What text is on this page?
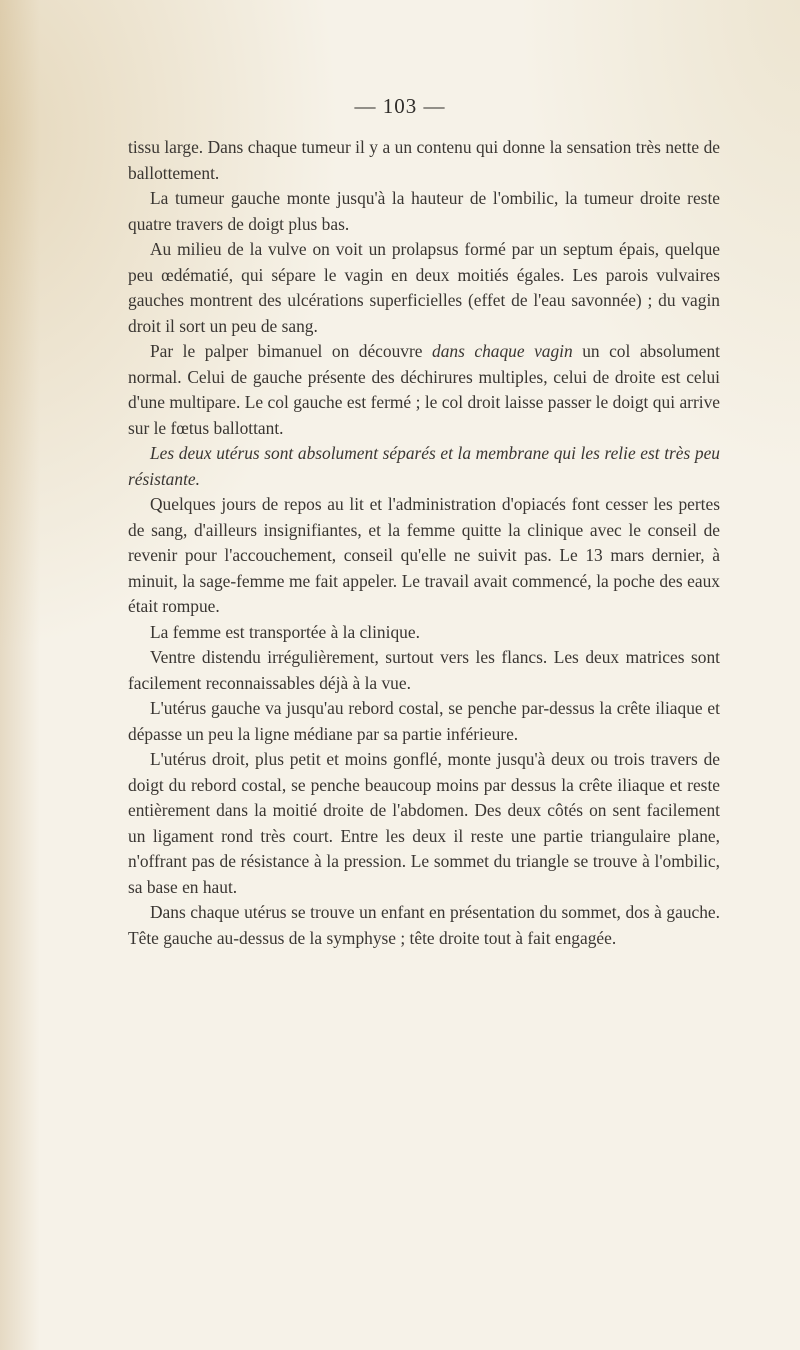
— 103 —

tissu large. Dans chaque tumeur il y a un contenu qui donne la sensation très nette de ballottement.

La tumeur gauche monte jusqu'à la hauteur de l'ombilic, la tumeur droite reste quatre travers de doigt plus bas.

Au milieu de la vulve on voit un prolapsus formé par un septum épais, quelque peu œdématié, qui sépare le vagin en deux moitiés égales. Les parois vulvaires gauches montrent des ulcérations superficielles (effet de l'eau savonnée) ; du vagin droit il sort un peu de sang.

Par le palper bimanuel on découvre dans chaque vagin un col absolument normal. Celui de gauche présente des déchirures multiples, celui de droite est celui d'une multipare. Le col gauche est fermé ; le col droit laisse passer le doigt qui arrive sur le fœtus ballottant.

Les deux utérus sont absolument séparés et la membrane qui les relie est très peu résistante.

Quelques jours de repos au lit et l'administration d'opiacés font cesser les pertes de sang, d'ailleurs insignifiantes, et la femme quitte la clinique avec le conseil de revenir pour l'accouchement, conseil qu'elle ne suivit pas. Le 13 mars dernier, à minuit, la sage-femme me fait appeler. Le travail avait commencé, la poche des eaux était rompue.

La femme est transportée à la clinique.

Ventre distendu irrégulièrement, surtout vers les flancs. Les deux matrices sont facilement reconnaissables déjà à la vue.

L'utérus gauche va jusqu'au rebord costal, se penche par-dessus la crête iliaque et dépasse un peu la ligne médiane par sa partie inférieure.

L'utérus droit, plus petit et moins gonflé, monte jusqu'à deux ou trois travers de doigt du rebord costal, se penche beaucoup moins par dessus la crête iliaque et reste entièrement dans la moitié droite de l'abdomen. Des deux côtés on sent facilement un ligament rond très court. Entre les deux il reste une partie triangulaire plane, n'offrant pas de résistance à la pression. Le sommet du triangle se trouve à l'ombilic, sa base en haut.

Dans chaque utérus se trouve un enfant en présentation du sommet, dos à gauche. Tête gauche au-dessus de la symphyse ; tête droite tout à fait engagée.
